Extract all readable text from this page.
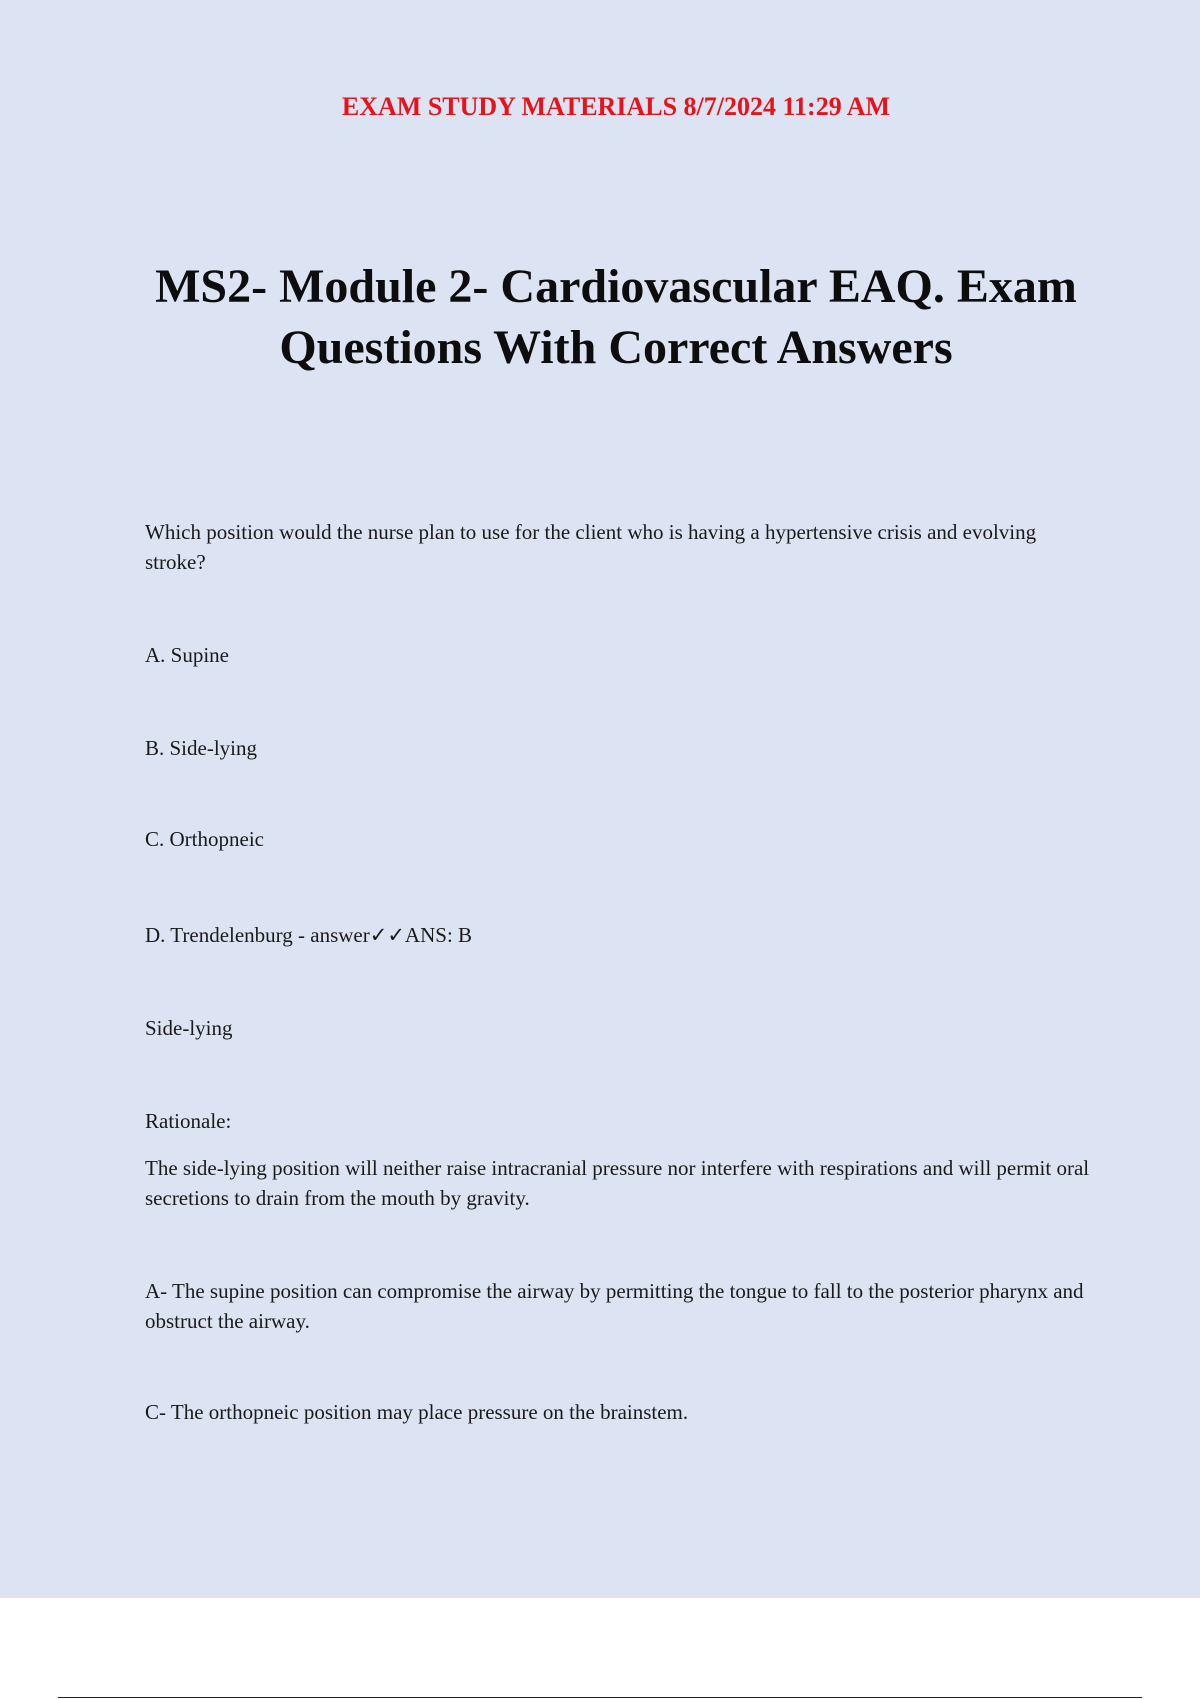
EXAM STUDY MATERIALS 8/7/2024 11:29 AM
MS2- Module 2- Cardiovascular EAQ. Exam
Questions With Correct Answers

Which position would the nurse plan to use for the client who is having a hypertensive crisis and evolving stroke?

A. Supine

B. Side-lying

C. Orthopneic

D. Trendelenburg - answer✓✓ANS: B

Side-lying

Rationale:

The side-lying position will neither raise intracranial pressure nor interfere with respirations and will permit oral secretions to drain from the mouth by gravity.

A- The supine position can compromise the airway by permitting the tongue to fall to the posterior pharynx and obstruct the airway.

C- The orthopneic position may place pressure on the brainstem.
